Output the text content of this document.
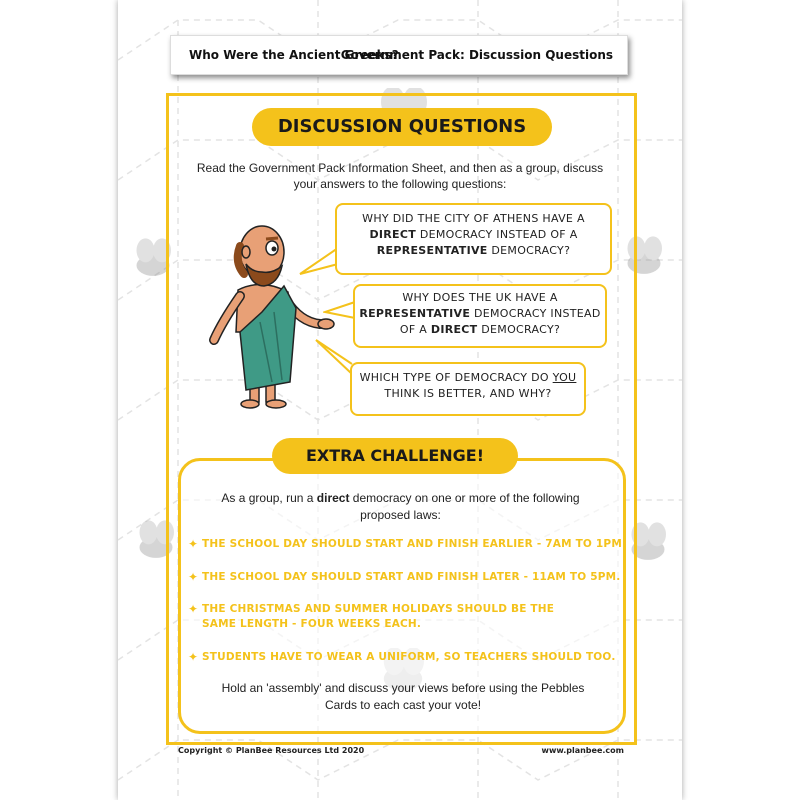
Who Were the Ancient Greeks?
Government Pack: Discussion Questions
DISCUSSION QUESTIONS
Read the Government Pack Information Sheet, and then as a group, discuss your answers to the following questions:
WHY DID THE CITY OF ATHENS HAVE A DIRECT DEMOCRACY INSTEAD OF A REPRESENTATIVE DEMOCRACY?
WHY DOES THE UK HAVE A REPRESENTATIVE DEMOCRACY INSTEAD OF A DIRECT DEMOCRACY?
WHICH TYPE OF DEMOCRACY DO YOU THINK IS BETTER, AND WHY?
EXTRA CHALLENGE!
As a group, run a direct democracy on one or more of the following proposed laws:
✦ THE SCHOOL DAY SHOULD START AND FINISH EARLIER - 7AM TO 1PM.
✦ THE SCHOOL DAY SHOULD START AND FINISH LATER - 11AM TO 5PM.
✦ THE CHRISTMAS AND SUMMER HOLIDAYS SHOULD BE THE SAME LENGTH - FOUR WEEKS EACH.
✦ STUDENTS HAVE TO WEAR A UNIFORM, SO TEACHERS SHOULD TOO.
Hold an 'assembly' and discuss your views before using the Pebbles Cards to each cast your vote!
Copyright © PlanBee Resources Ltd 2020	www.planbee.com
